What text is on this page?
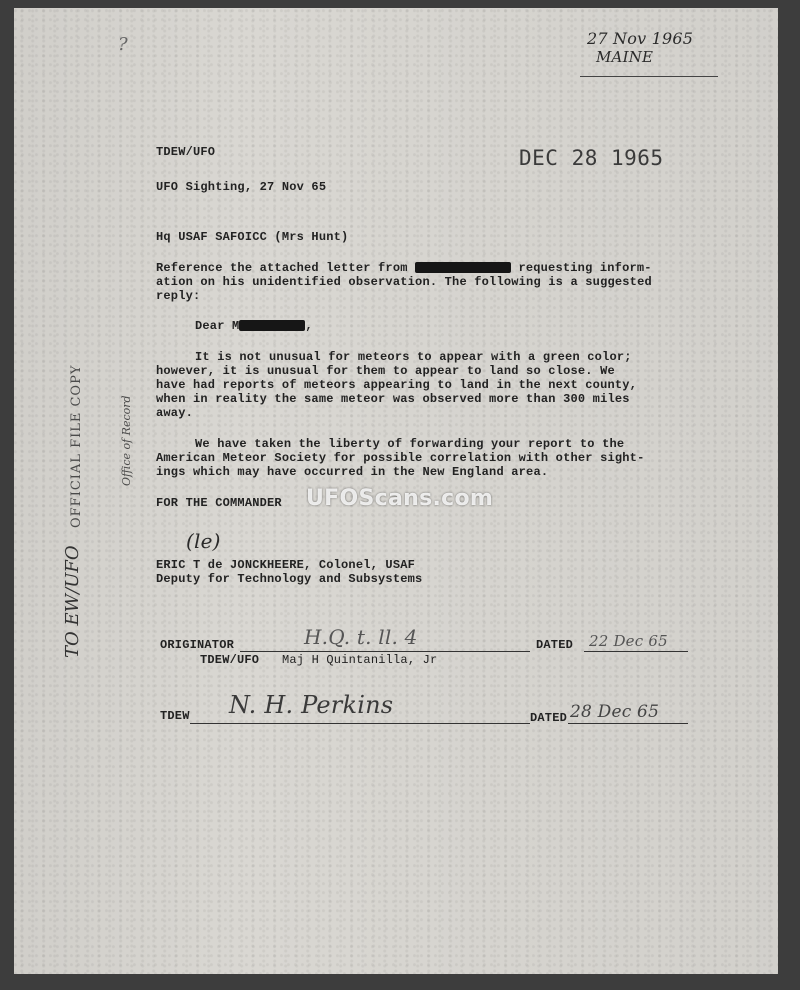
27 Nov 1965
MAINE
?
TDEW/UFO	DEC 28 1965
UFO Sighting, 27 Nov 65
Hq USAF SAFOICC (Mrs Hunt)
Reference the attached letter from	requesting inform-
ation on his unidentified observation. The following is a suggested
reply:
Dear M	,
It is not unusual for meteors to appear with a green color;
however, it is unusual for them to appear to land so close. We
have had reports of meteors appearing to land in the next county,
when in reality the same meteor was observed more than 300 miles
away.
We have taken the liberty of forwarding your report to the
American Meteor Society for possible correlation with other sight-
ings which may have occurred in the New England area.
FOR THE COMMANDER
(le)
ERIC T de JONCKHEERE, Colonel, USAF
Deputy for Technology and Subsystems
ORIGINATOR	H.Q. t. ll. 4	DATED 22 Dec 65
TDEW/UFO Maj H Quintanilla, Jr
TDEW N. H. Perkins	DATED 28 Dec 65
OFFICIAL FILE COPY	Office of Record
TO EW/UFO
UFOScans.com
